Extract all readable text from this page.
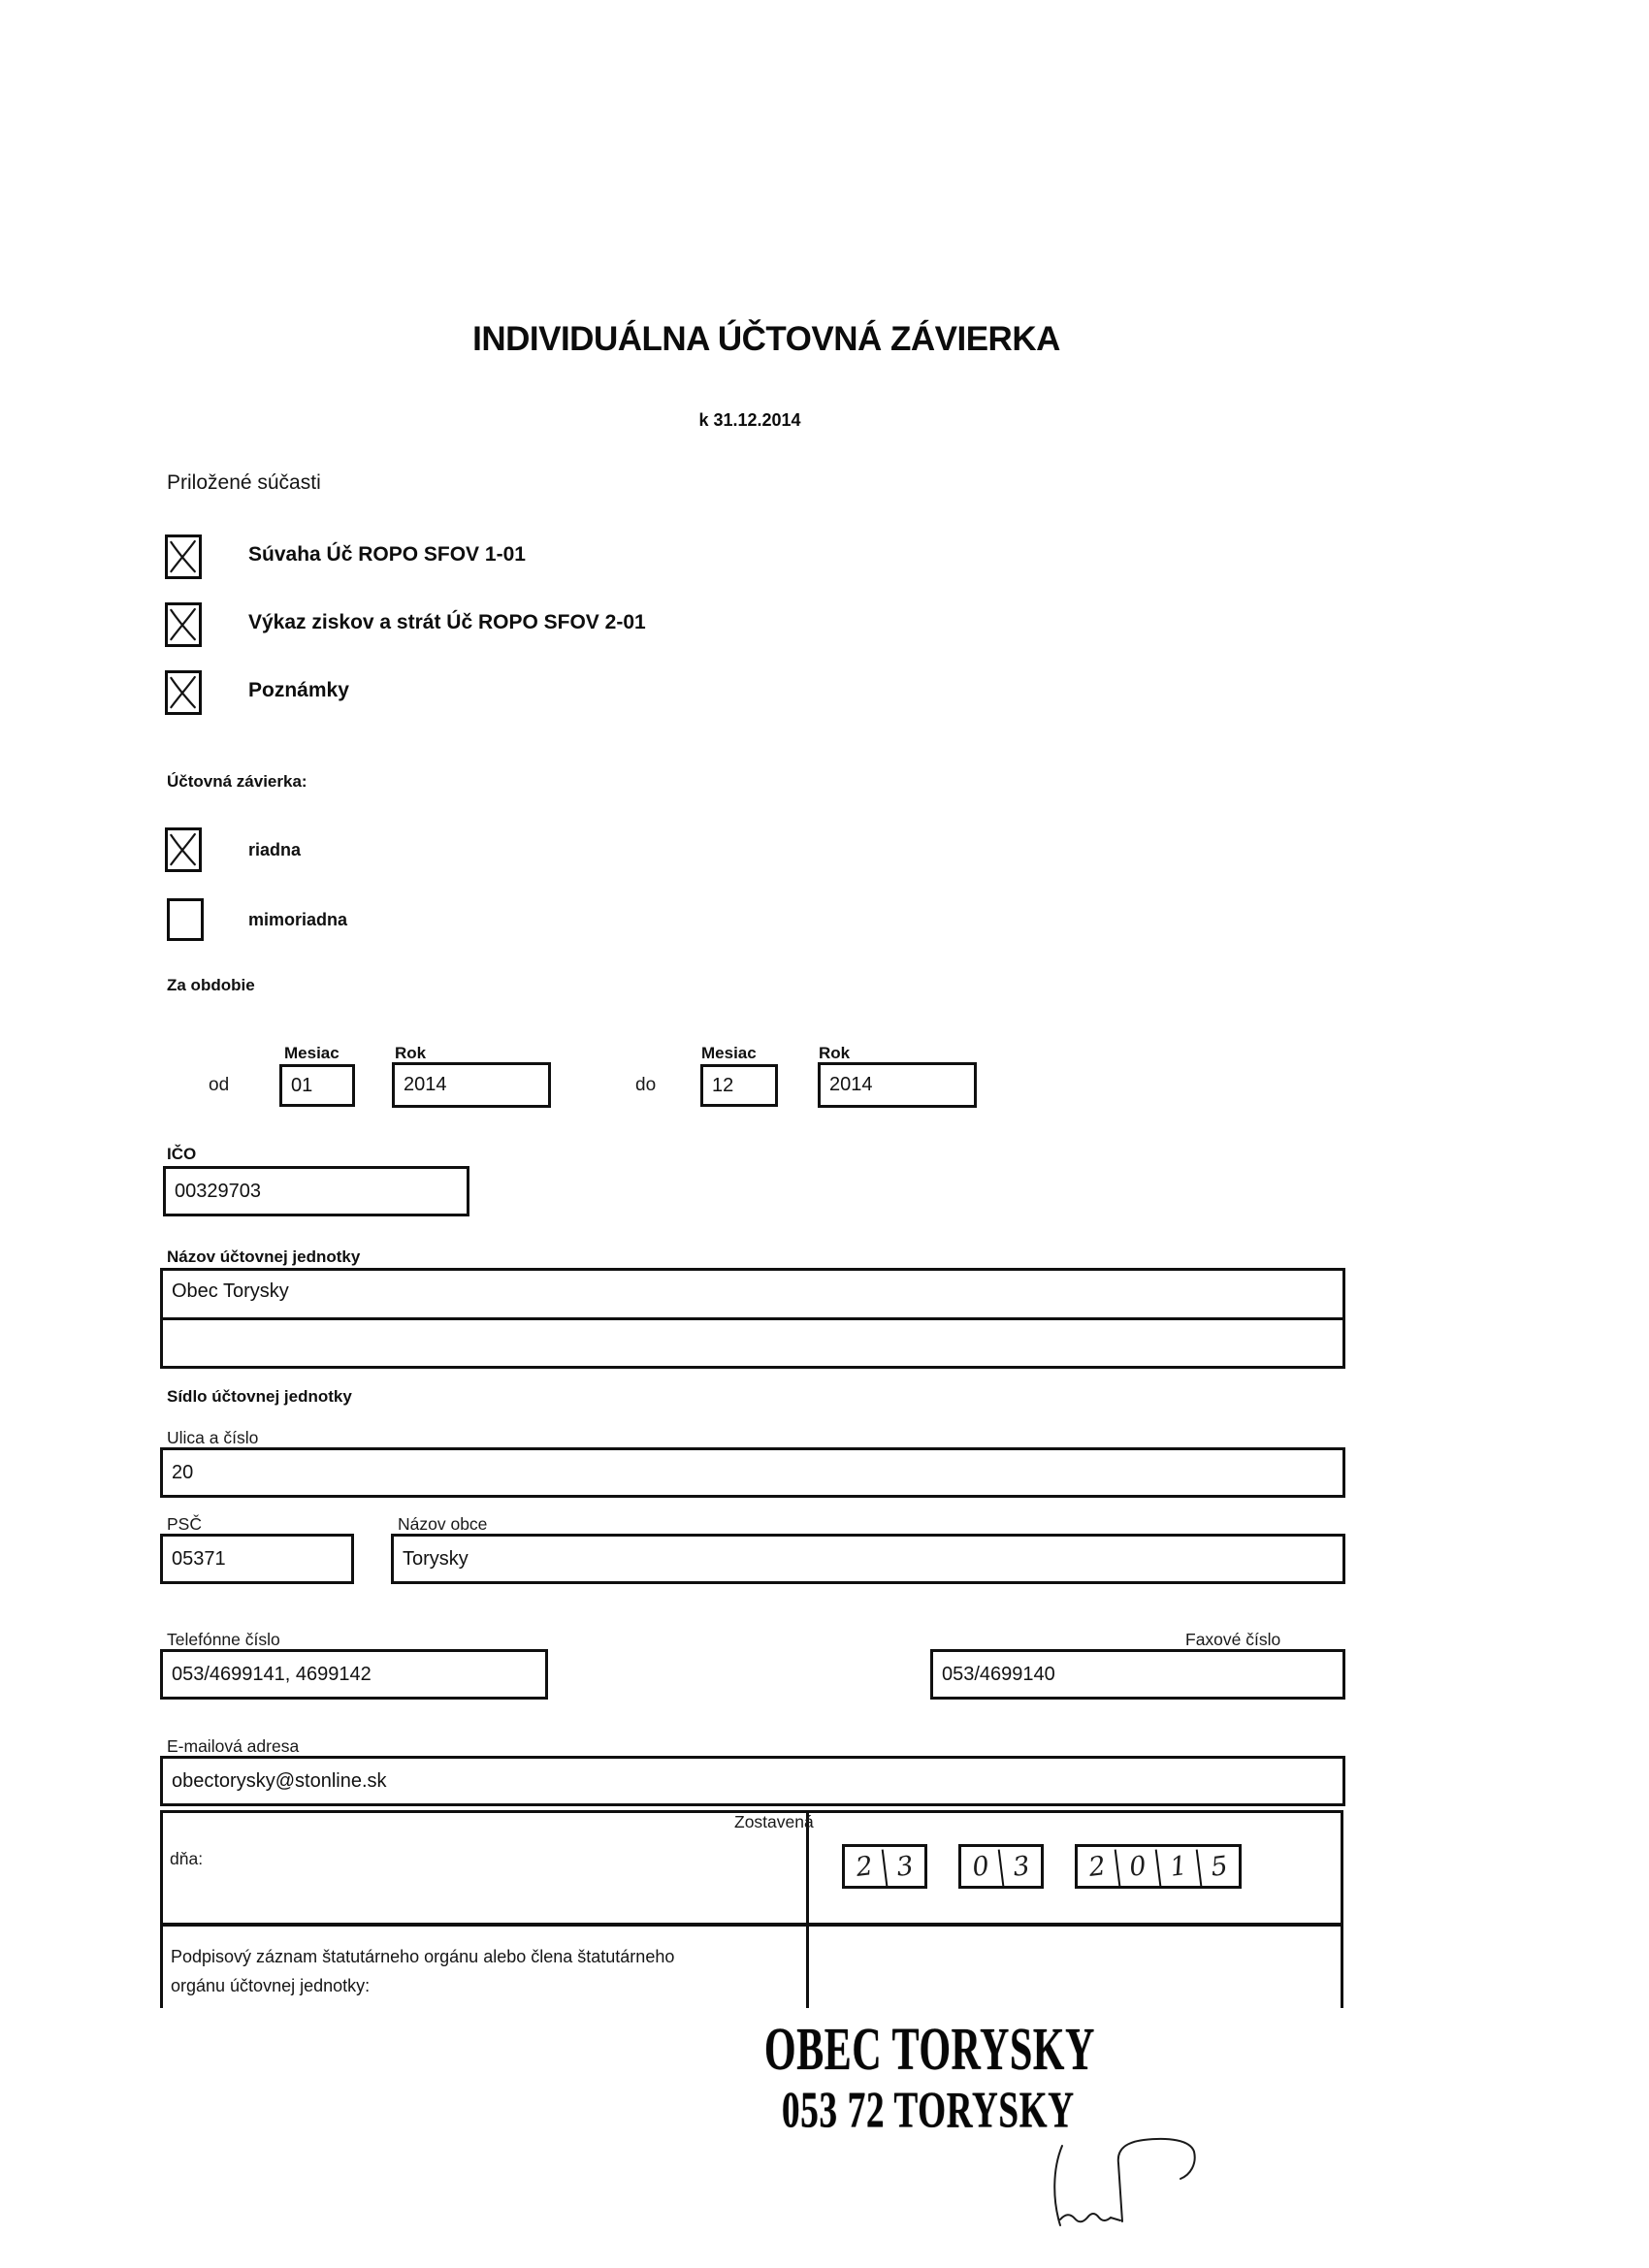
INDIVIDUÁLNA ÚČTOVNÁ ZÁVIERKA
k 31.12.2014
Priložené súčasti
Súvaha Úč ROPO SFOV 1-01
Výkaz ziskov a strát Úč ROPO SFOV 2-01
Poznámky
Účtovná závierka:
riadna
mimoriadna
Za obdobie
Mesiac	Rok
od	01	2014
Mesiac	Rok
do	12	2014
IČO
00329703
Názov účtovnej jednotky
Obec Torysky
Sídlo účtovnej jednotky
Ulica a číslo
20
PSČ
05371
Názov obce
Torysky
Telefónne číslo
053/4699141, 4699142
Faxové číslo
053/4699140
E-mailová adresa
obectorysky@stonline.sk
Zostavená
dňa:	2 3	0 3	2 0 1 5
Podpisový záznam štatutárneho orgánu alebo člena štatutárneho orgánu účtovnej jednotky:
OBEC TORYSKY
053 72 TORYSKY
